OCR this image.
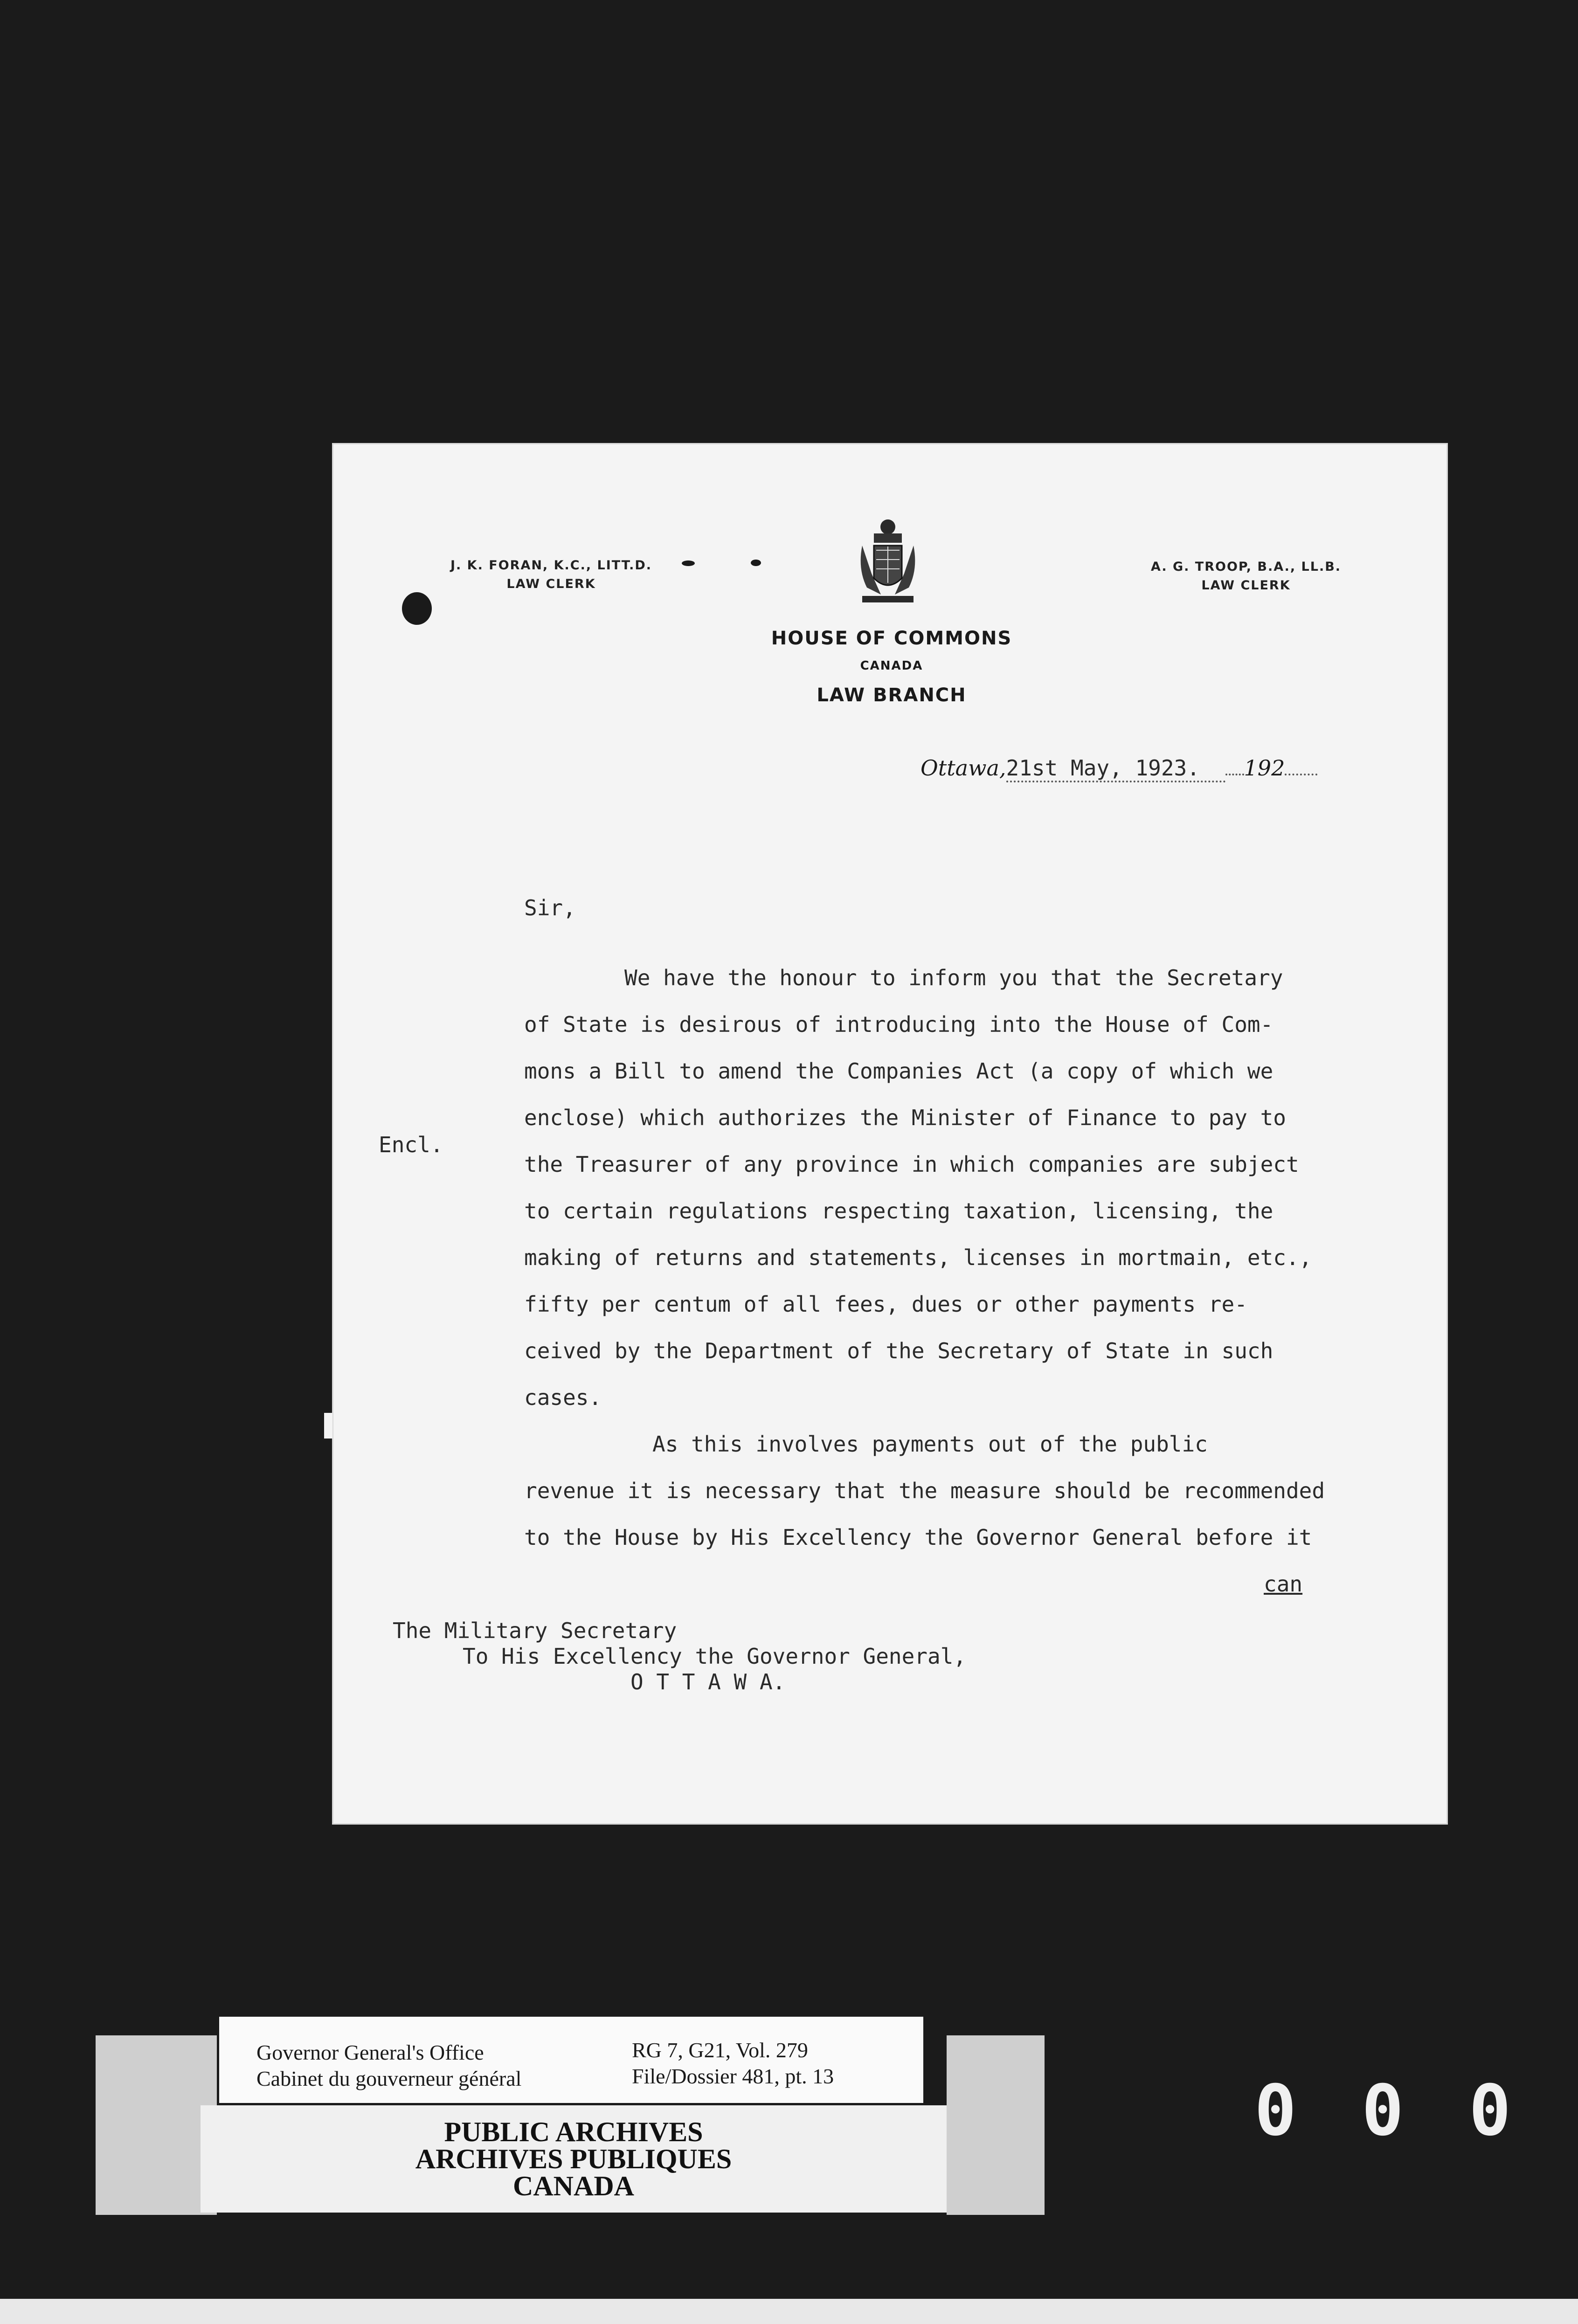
J. K. FORAN, K.C., LITT.D.
LAW CLERK
HOUSE OF COMMONS
CANADA
LAW BRANCH
A. G. TROOP, B.A., LL.B.
LAW CLERK
Ottawa,21st May, 1923. 192
Sir,
Encl.
We have the honour to inform you that the Secretary
of State is desirous of introducing into the House of Com-
mons a Bill to amend the Companies Act (a copy of which we
enclose) which authorizes the Minister of Finance to pay to
the Treasurer of any province in which companies are subject
to certain regulations respecting taxation, licensing, the
making of returns and statements, licenses in mortmain, etc.,
fifty per centum of all fees, dues or other payments re-
ceived by the Department of the Secretary of State in such
cases.
As this involves payments out of the public
revenue it is necessary that the measure should be recommended
to the House by His Excellency the Governor General before it
can
The Military Secretary
To His Excellency the Governor General,
O T T A W A.
Governor General's Office
Cabinet du gouverneur général
RG 7, G21, Vol. 279
File/Dossier 481, pt. 13
PUBLIC ARCHIVES
ARCHIVES PUBLIQUES
CANADA
0 0 0
